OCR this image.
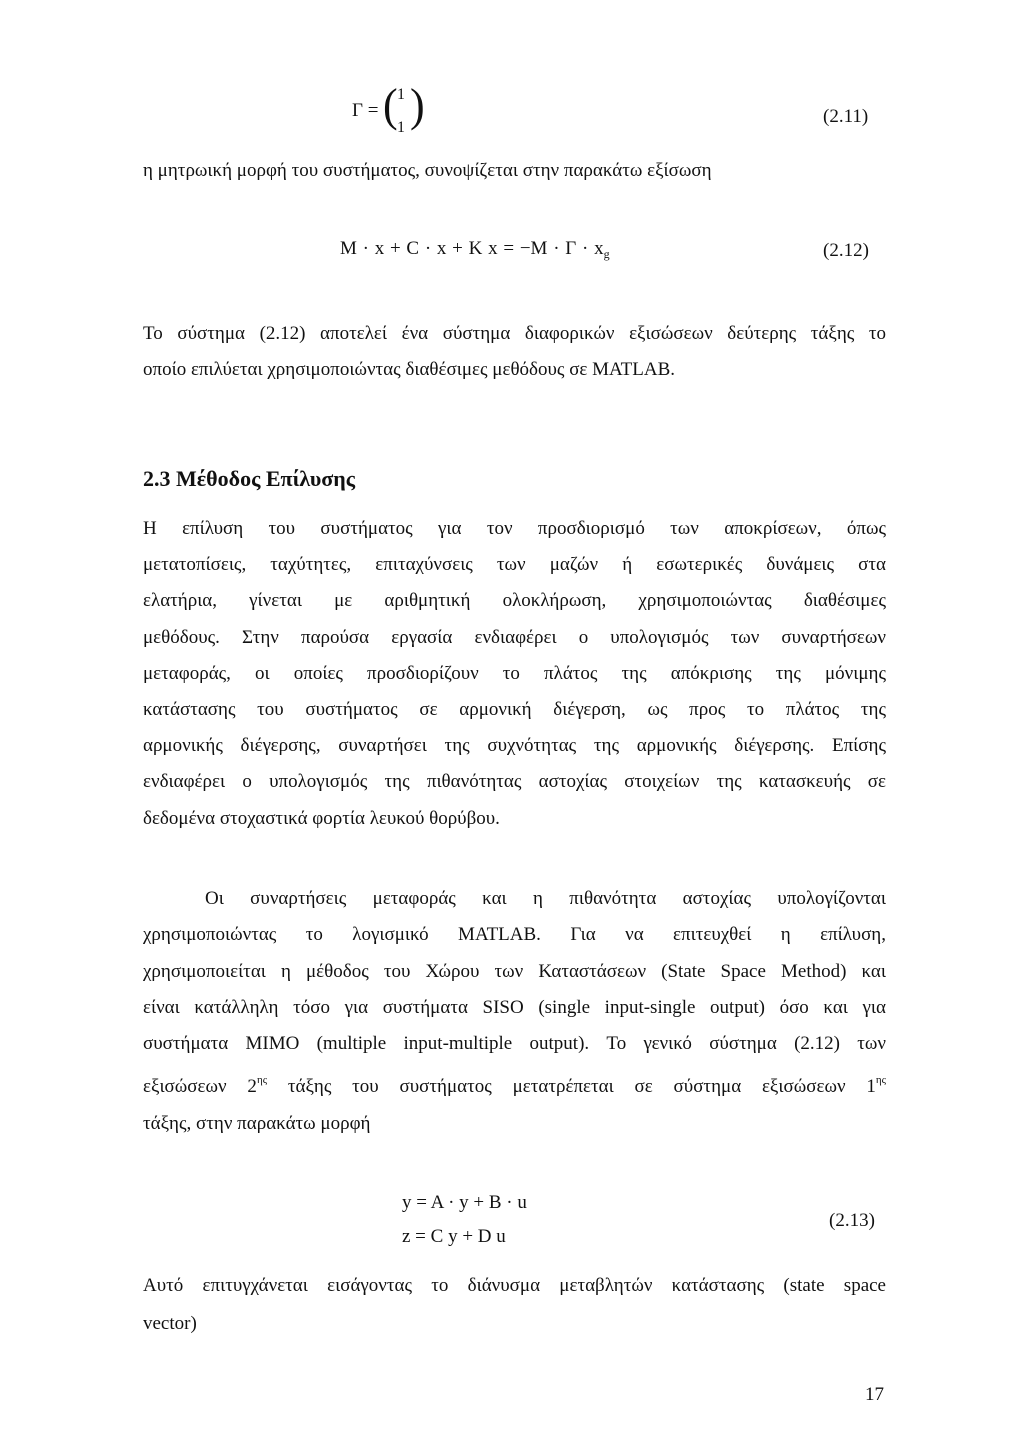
Γ = ( 1
1 )	(2.11)
η μητρωική μορφή του συστήματος, συνοψίζεται στην παρακάτω εξίσωση
M · x + C · x + K $x = -M \cdot \Gamma \cdot x_g$	(2.12)
Το σύστημα (2.12) αποτελεί ένα σύστημα διαφορικών εξισώσεων δεύτερης τάξης το
οποίο επιλύεται χρησιμοποιώντας διαθέσιμες μεθόδους σε MATLAB.
2.3 Μέθοδος Επίλυσης
Η επίλυση του συστήματος για τον προσδιορισμό των αποκρίσεων, όπως
μετατοπίσεις, ταχύτητες, επιταχύνσεις των μαζών ή εσωτερικές δυνάμεις στα
ελατήρια, γίνεται με αριθμητική ολοκλήρωση, χρησιμοποιώντας διαθέσιμες
μεθόδους. Στην παρούσα εργασία ενδιαφέρει ο υπολογισμός των συναρτήσεων
μεταφοράς, οι οποίες προσδιορίζουν το πλάτος της απόκρισης της μόνιμης
κατάστασης του συστήματος σε αρμονική διέγερση, ως προς το πλάτος της
αρμονικής διέγερσης, συναρτήσει της συχνότητας της αρμονικής διέγερσης. Επίσης
ενδιαφέρει ο υπολογισμός της πιθανότητας αστοχίας στοιχείων της κατασκευής σε
δεδομένα στοχαστικά φορτία λευκού θορύβου.
Οι συναρτήσεις μεταφοράς και η πιθανότητα αστοχίας υπολογίζονται
χρησιμοποιώντας το λογισμικό MATLAB. Για να επιτευχθεί η επίλυση,
χρησιμοποιείται η μέθοδος του Χώρου των Καταστάσεων (State Space Method) και
είναι κατάλληλη τόσο για συστήματα SISO (single input-single output) όσο και για
συστήματα MIMO (multiple input-multiple output). Το γενικό σύστημα (2.12) των
εξισώσεων $2^{\eta\varsigma}$ τάξης του συστήματος μετατρέπεται σε σύστημα εξισώσεων $1^{\eta\varsigma}$
τάξης, στην παρακάτω μορφή
y = A · y + B · u
z = C y + D u
(2.13)
Αυτό επιτυγχάνεται εισάγοντας το διάνυσμα μεταβλητών κατάστασης (state space
vector)
17
